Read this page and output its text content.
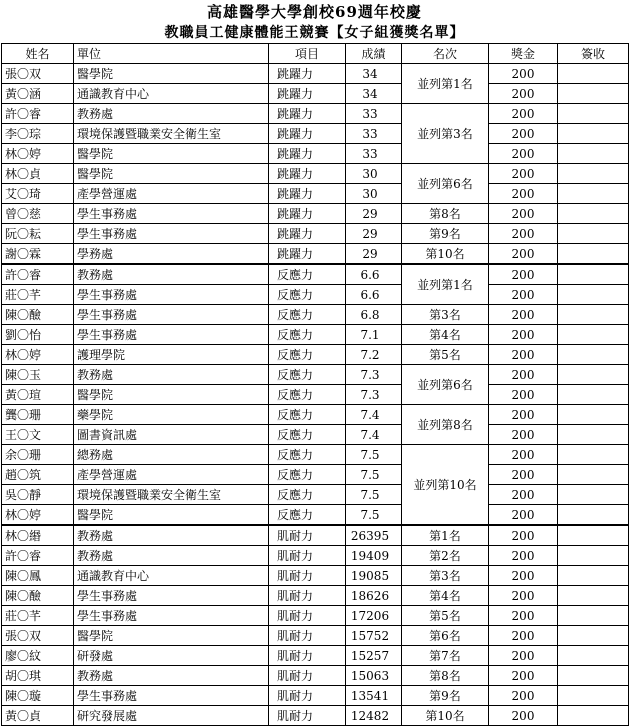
高雄醫學大學創校69週年校慶
教職員工健康體能王競賽【女子組獲獎名單】
姓名	單位	項目	成績	名次	獎金	簽收
張〇双	醫學院	跳躍力	34	並列第1名	200	
黃〇涵	通識教育中心	跳躍力	34		200	
許〇睿	教務處	跳躍力	33	並列第3名	200	
李〇琮	環境保護暨職業安全衛生室	跳躍力	33		200	
林〇婷	醫學院	跳躍力	33		200	
林〇貞	醫學院	跳躍力	30	並列第6名	200	
艾〇琦	產學營運處	跳躍力	30		200	
曾〇慈	學生事務處	跳躍力	29	第8名	200	
阮〇耘	學生事務處	跳躍力	29	第9名	200	
謝〇霖	學務處	跳躍力	29	第10名	200	
許〇睿	教務處	反應力	6.6	並列第1名	200	
莊〇芊	學生事務處	反應力	6.6		200	
陳〇醶	學生事務處	反應力	6.8	第3名	200	
劉〇怡	學生事務處	反應力	7.1	第4名	200	
林〇婷	護理學院	反應力	7.2	第5名	200	
陳〇玉	教務處	反應力	7.3	並列第6名	200	
黃〇瑄	醫學院	反應力	7.3		200	
龔〇珊	藥學院	反應力	7.4	並列第8名	200	
王〇文	圖書資訊處	反應力	7.4		200	
余〇珊	總務處	反應力	7.5	並列第10名	200	
趙〇筑	產學營運處	反應力	7.5		200	
吳〇靜	環境保護暨職業安全衛生室	反應力	7.5		200	
林〇婷	醫學院	反應力	7.5		200	
林〇緡	教務處	肌耐力	26395	第1名	200	
許〇睿	教務處	肌耐力	19409	第2名	200	
陳〇鳳	通識教育中心	肌耐力	19085	第3名	200	
陳〇醶	學生事務處	肌耐力	18626	第4名	200	
莊〇芊	學生事務處	肌耐力	17206	第5名	200	
張〇双	醫學院	肌耐力	15752	第6名	200	
廖〇紋	研發處	肌耐力	15257	第7名	200	
胡〇琪	教務處	肌耐力	15063	第8名	200	
陳〇璇	學生事務處	肌耐力	13541	第9名	200	
黃〇貞	研究發展處	肌耐力	12482	第10名	200	
